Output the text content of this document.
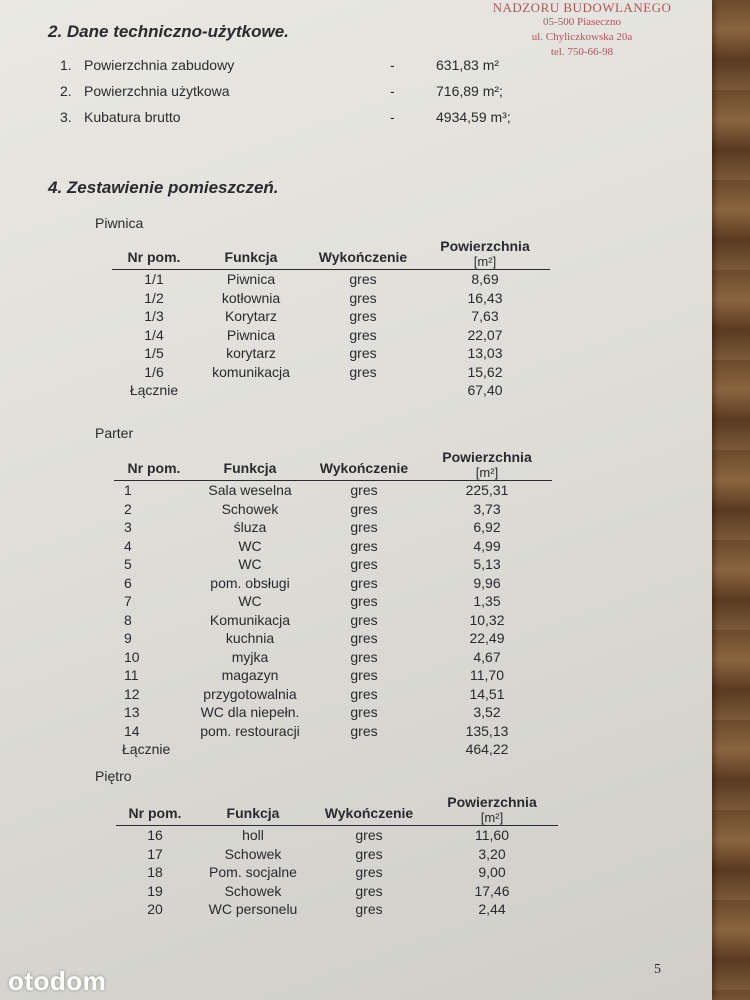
NADZORU BUDOWLANEGO
05-500 Piaseczno
ul. Chyliczkowska 20a
tel. 750-66-98
2. Dane techniczno-użytkowe.
1. Powierzchnia zabudowy	-	631,83 m²
2. Powierzchnia użytkowa	-	716,89 m²;
3. Kubatura brutto	-	4934,59 m³;
4. Zestawienie pomieszczeń.
Piwnica
Nr pom.	Funkcja	Wykończenie	Powierzchnia
[m²]

1/1	Piwnica	gres	8,69
1/2	kotłownia	gres	16,43
1/3	Korytarz	gres	7,63
1/4	Piwnica	gres	22,07
1/5	korytarz	gres	13,03
1/6	komunikacja	gres	15,62
Łącznie			67,40
Parter
Nr pom.	Funkcja	Wykończenie	Powierzchnia
[m²]

1	Sala weselna	gres	225,31
2	Schowek	gres	3,73
3	śluza	gres	6,92
4	WC	gres	4,99
5	WC	gres	5,13
6	pom. obsługi	gres	9,96
7	WC	gres	1,35
8	Komunikacja	gres	10,32
9	kuchnia	gres	22,49
10	myjka	gres	4,67
11	magazyn	gres	11,70
12	przygotowalnia	gres	14,51
13	WC dla niepełn.	gres	3,52
14	pom. restouracji	gres	135,13
Łącznie			464,22
Piętro
Nr pom.	Funkcja	Wykończenie	Powierzchnia
[m²]

16	holl	gres	11,60
17	Schowek	gres	3,20
18	Pom. socjalne	gres	9,00
19	Schowek	gres	17,46
20	WC personelu	gres	2,44
5
otodom
